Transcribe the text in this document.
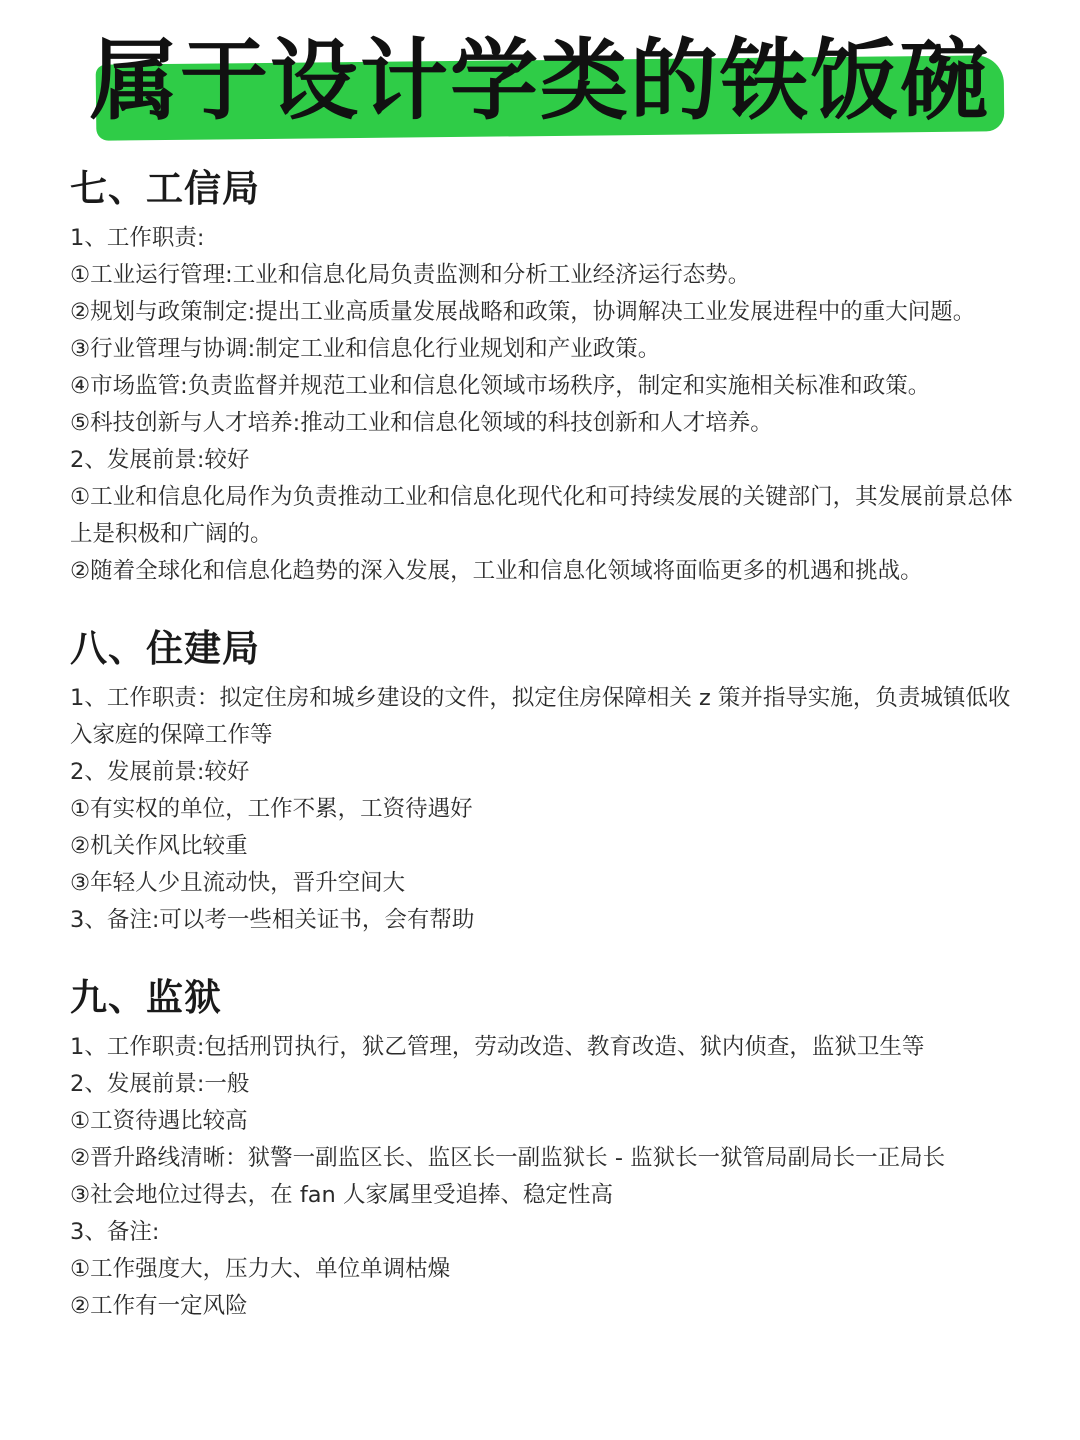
属于设计学类的铁饭碗
七、工信局

1、工作职责:

①工业运行管理:工业和信息化局负责监测和分析工业经济运行态势。

②规划与政策制定:提出工业高质量发展战略和政策，协调解决工业发展进程中的重大问题。

③行业管理与协调:制定工业和信息化行业规划和产业政策。

④市场监管:负责监督并规范工业和信息化领域市场秩序，制定和实施相关标准和政策。

⑤科技创新与人才培养:推动工业和信息化领域的科技创新和人才培养。

2、发展前景:较好

①工业和信息化局作为负责推动工业和信息化现代化和可持续发展的关键部门，其发展前景总体上是积极和广阔的。

②随着全球化和信息化趋势的深入发展，工业和信息化领域将面临更多的机遇和挑战。

八、住建局

1、工作职责：拟定住房和城乡建设的文件，拟定住房保障相关 z 策并指导实施，负责城镇低收入家庭的保障工作等

2、发展前景:较好

①有实权的单位，工作不累，工资待遇好

②机关作风比较重

③年轻人少且流动快，晋升空间大

3、备注:可以考一些相关证书，会有帮助

九、监狱

1、工作职责:包括刑罚执行，狱乙管理，劳动改造、教育改造、狱内侦查，监狱卫生等

2、发展前景:一般

①工资待遇比较高

②晋升路线清晰：狱警一副监区长、监区长一副监狱长 - 监狱长一狱管局副局长一正局长

③社会地位过得去，在 fan 人家属里受追捧、稳定性高

3、备注:

①工作强度大，压力大、单位单调枯燥

②工作有一定风险
